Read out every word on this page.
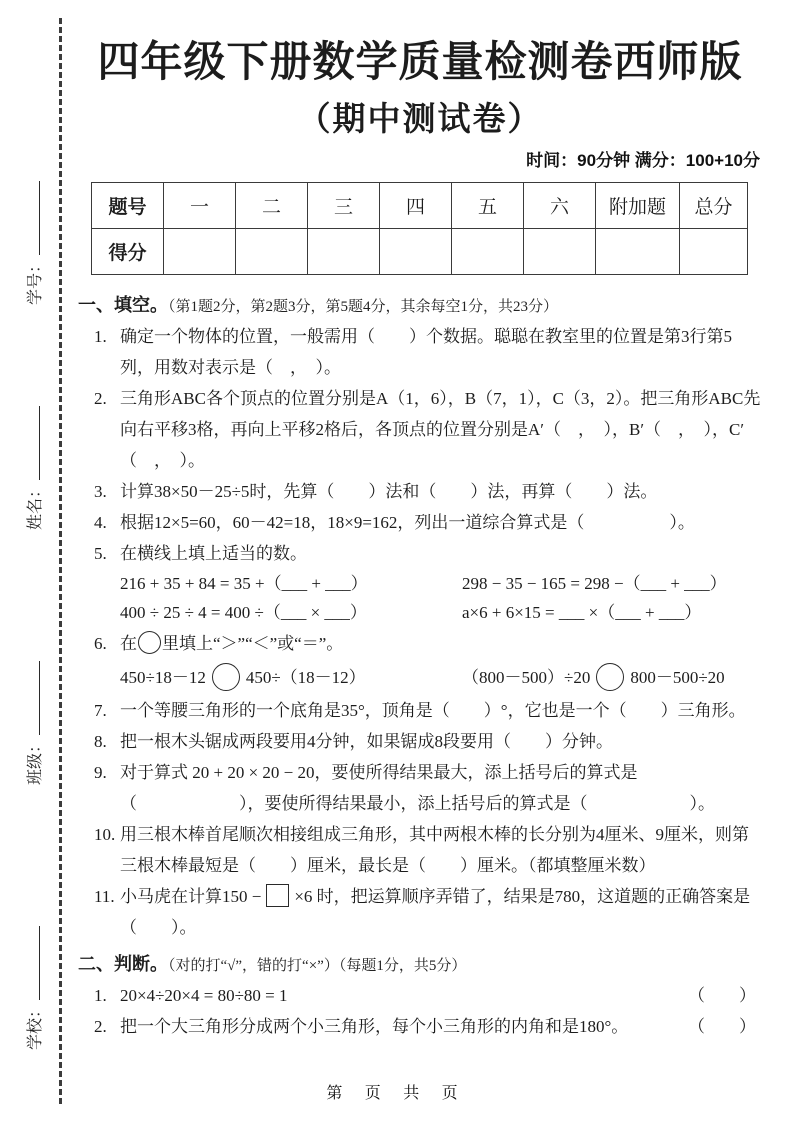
学号：
姓名：
班级：
学校：
四年级下册数学质量检测卷西师版
（期中测试卷）
时间：90分钟 满分：100+10分
题号	一	二	三	四	五	六	附加题	总分
得分								
一、填空。（第1题2分，第2题3分，第5题4分，其余每空1分，共23分）
1. 确定一个物体的位置，一般需用（　　）个数据。聪聪在教室里的位置是第3行第5列，用数对表示是（　，　）。
2. 三角形ABC各个顶点的位置分别是A（1，6），B（7，1），C（3，2）。把三角形ABC先向右平移3格，再向上平移2格后，各顶点的位置分别是A′（　，　），B′（　，　），C′（　，　）。
3. 计算38×50－25÷5时，先算（　　）法和（　　）法，再算（　　）法。
4. 根据12×5=60，60－42=18，18×9=162，列出一道综合算式是（　　　　　）。
5. 在横线上填上适当的数。
216 + 35 + 84 = 35 +（___ + ___）	298 − 35 − 165 = 298 −（___ + ___）
400 ÷ 25 ÷ 4 = 400 ÷（___ × ___）	a×6 + 6×15 = ___ ×（___ + ___）
6. 在 里填上“＞”“＜”或“＝”。
450÷18－12 450÷（18－12）	（800－500）÷20 800－500÷20
7. 一个等腰三角形的一个底角是35°，顶角是（　　）°，它也是一个（　　）三角形。
8. 把一根木头锯成两段要用4分钟，如果锯成8段要用（　　）分钟。
9. 对于算式 20 + 20 × 20 − 20，要使所得结果最大，添上括号后的算式是（　　　　　　），要使所得结果最小，添上括号后的算式是（　　　　　　）。
10. 用三根木棒首尾顺次相接组成三角形，其中两根木棒的长分别为4厘米、9厘米，则第三根木棒最短是（　　）厘米，最长是（　　）厘米。（都填整厘米数）
11. 小马虎在计算150 − ×6 时，把运算顺序弄错了，结果是780，这道题的正确答案是（　　）。
二、判断。（对的打“√”，错的打“×”）（每题1分，共5分）
1. 20×4÷20×4 = 80÷80 = 1	（　　）
2. 把一个大三角形分成两个小三角形，每个小三角形的内角和是180°。	（　　）
第 页 共 页
